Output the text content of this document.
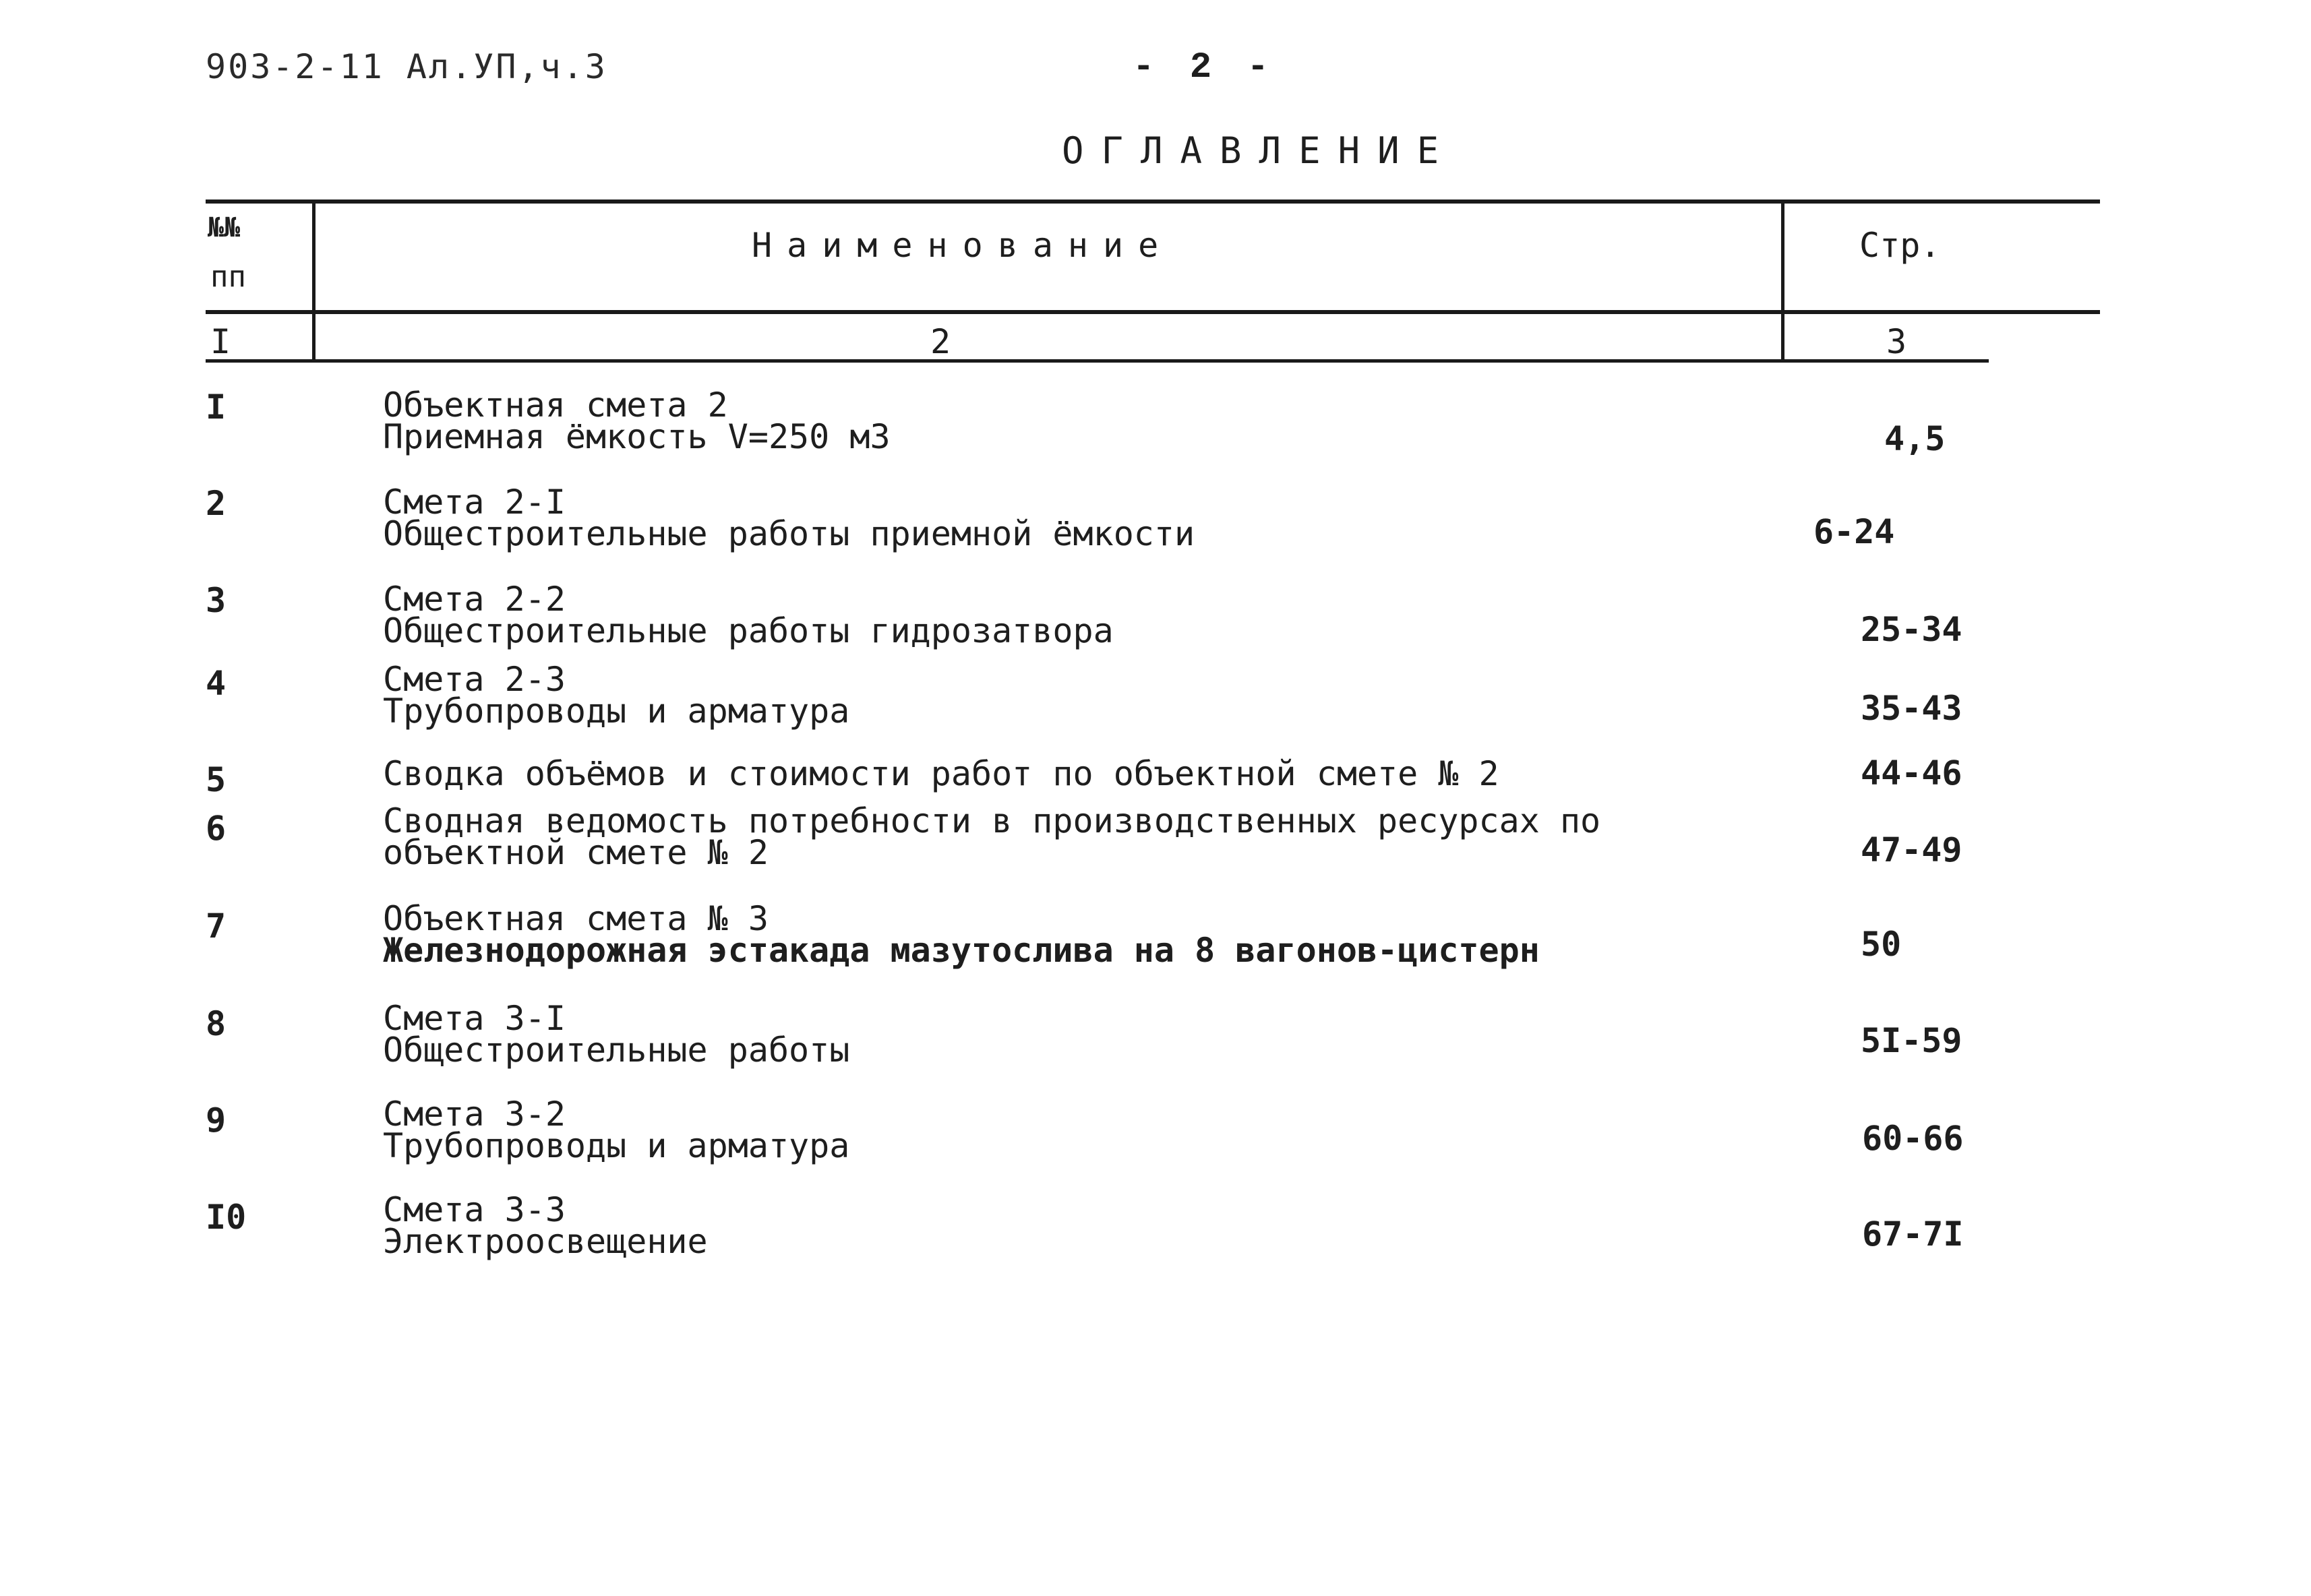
903-2-11 Ал.УП,ч.3	- 2 -
ОГЛАВЛЕНИЕ
№№
пп
Наименование	Стр.
I	2	3
I	Объектная смета 2
Приемная ёмкость V=250 м3	4,5
2	Смета 2-I
Общестроительные работы приемной ёмкости	6-24
3	Смета 2-2
Общестроительные работы гидрозатвора	25-34
4	Смета 2-3
Трубопроводы и арматура	35-43
5	Сводка объёмов и стоимости работ по объектной смете № 2	44-46
6	Сводная ведомость потребности в производственных ресурсах по
объектной смете № 2	47-49
7	Объектная смета № 3
Железнодорожная эстакада мазутослива на 8 вагонов-цистерн	50
8	Смета 3-I
Общестроительные работы	5I-59
9	Смета 3-2
Трубопроводы и арматура	60-66
I0	Смета 3-3
Электроосвещение	67-7I
